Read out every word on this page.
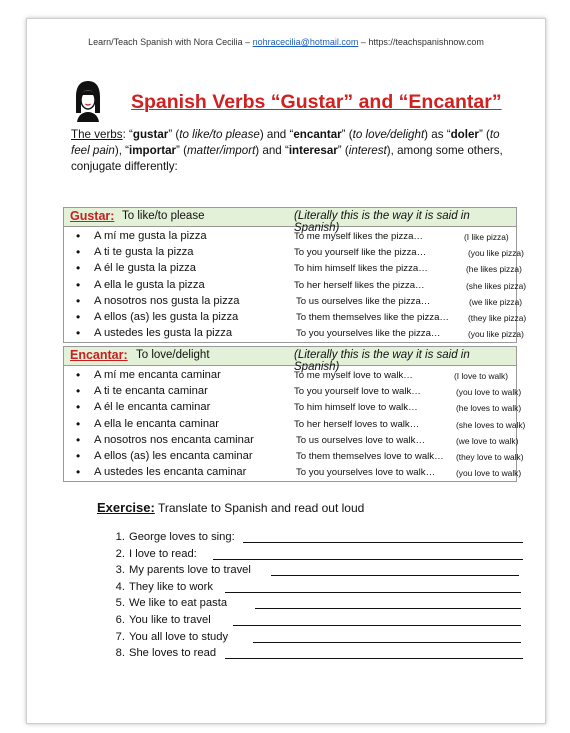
Learn/Teach Spanish with Nora Cecilia – nohracecilia@hotmail.com – https://teachspanishnow.com
Spanish Verbs “Gustar” and “Encantar”
The verbs: “gustar” (to like/to please) and “encantar” (to love/delight) as “doler” (to feel pain), “importar” (matter/import) and “interesar” (interest), among some others, conjugate differently:
Gustar: To like/to please	(Literally this is the way it is said in Spanish)
• A mí me gusta la pizza	To me myself likes the pizza…	(I like pizza)
• A ti te gusta la pizza	To you yourself like the pizza…	(you like pizza)
• A él le gusta la pizza	To him himself likes the pizza…	(he likes pizza)
• A ella le gusta la pizza	To her herself likes the pizza…	(she likes pizza)
• A nosotros nos gusta la pizza	To us ourselves like the pizza…	(we like pizza)
• A ellos (as) les gusta la pizza	To them themselves like the pizza… (they like pizza)
• A ustedes les gusta la pizza	To you yourselves like the pizza…	(you like pizza)
Encantar: To love/delight	(Literally this is the way it is said in Spanish)
• A mí me encanta caminar	To me myself love to walk…	(I love to walk)
• A ti te encanta caminar	To you yourself love to walk…	(you love to walk)
• A él le encanta caminar	To him himself love to walk…	(he loves to walk)
• A ella le encanta caminar	To her herself loves to walk…	(she loves to walk)
• A nosotros nos encanta caminar	To us ourselves love to walk…	(we love to walk)
• A ellos (as) les encanta caminar	To them themselves love to walk… (they love to walk)
• A ustedes les encanta caminar	To you yourselves love to walk… (you love to walk)
Exercise: Translate to Spanish and read out loud
1. George loves to sing:
2. I love to read:
3. My parents love to travel
4. They like to work
5. We like to eat pasta
6. You like to travel
7. You all love to study
8. She loves to read
